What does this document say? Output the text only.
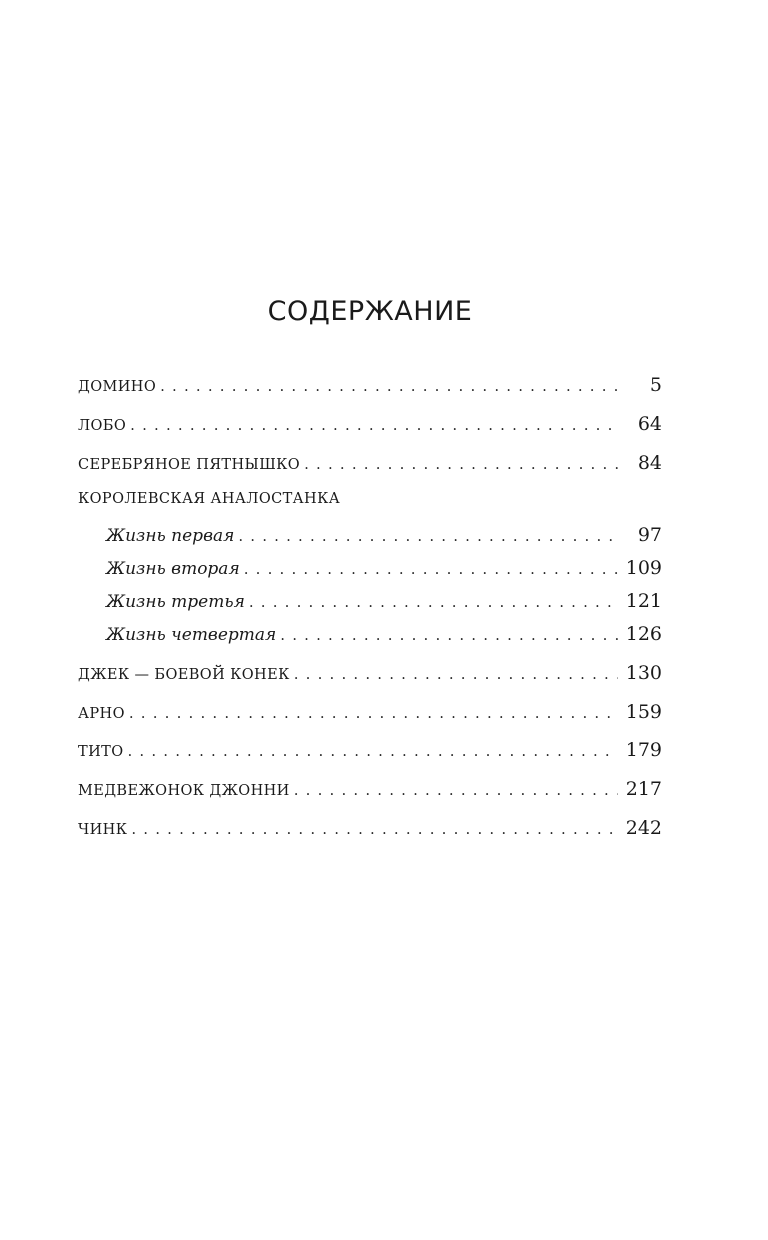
СОДЕРЖАНИЕ
ДОМИНО . . .	5
ЛОБО . . .	64
СЕРЕБРЯНОЕ ПЯТНЫШКО . . .	84
КОРОЛЕВСКАЯ АНАЛОСТАНКА
Жизнь первая . . .	97
Жизнь вторая . . .	109
Жизнь третья . . .	121
Жизнь четвертая . . .	126
ДЖЕК — БОЕВОЙ КОНЕК . . .	130
АРНО . . .	159
ТИТО . . .	179
МЕДВЕЖОНОК ДЖОННИ . . .	217
ЧИНК . . .	242
